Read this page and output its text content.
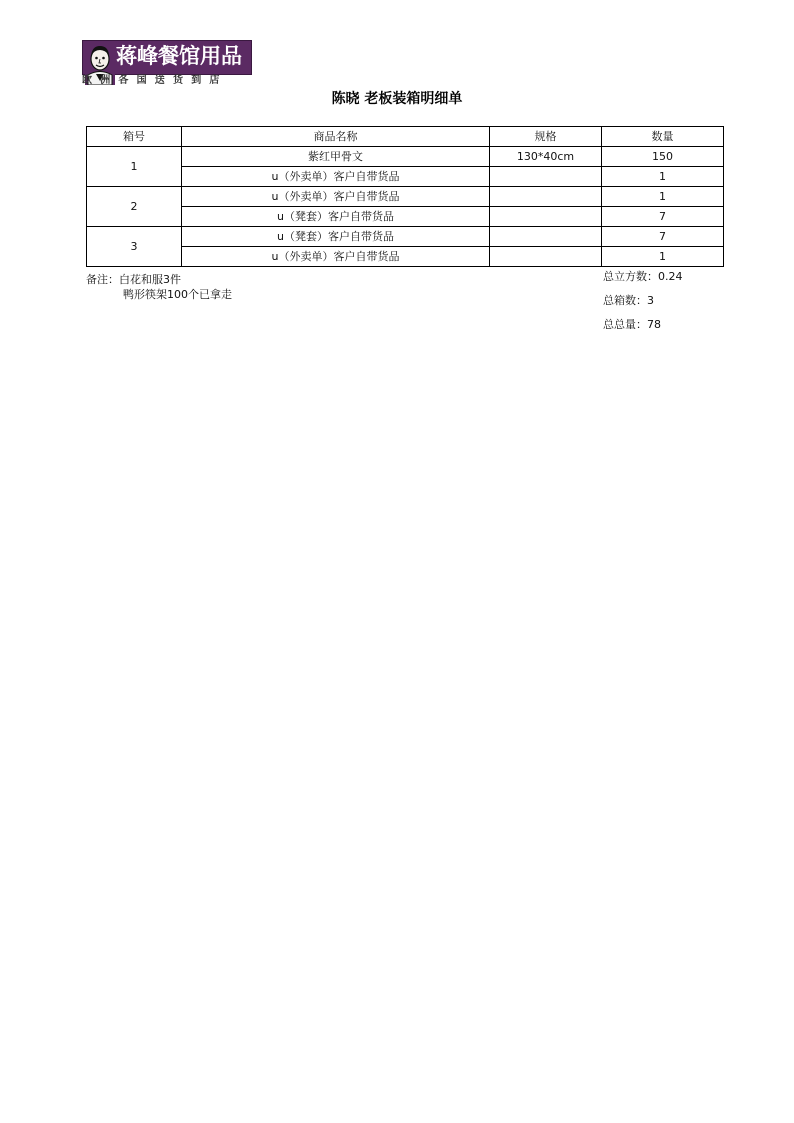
蒋峰餐馆用品
欧洲各国送货到店
陈晓 老板装箱明细单
箱号	商品名称	规格	数量
1	紫红甲骨文	130*40cm	150
	u（外卖单）客户自带货品		1
2	u（外卖单）客户自带货品		1
	u（凳套）客户自带货品		7
3	u（凳套）客户自带货品		7
	u（外卖单）客户自带货品		1
备注：白花和服3件
鸭形筷架100个已拿走
总立方数：0.24
总箱数：3
总总量：78
